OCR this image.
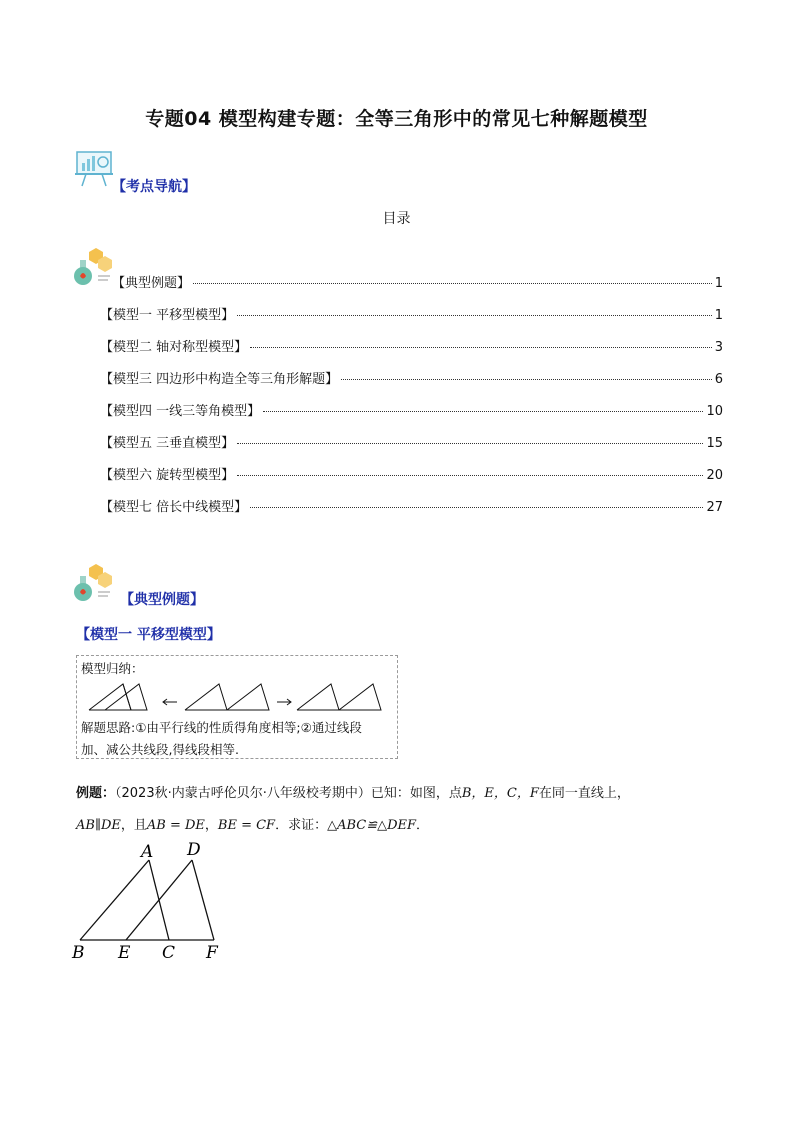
专题04 模型构建专题：全等三角形中的常见七种解题模型
【考点导航】
目录
【典型例题】	1
【模型一 平移型模型】	1
【模型二 轴对称型模型】	3
【模型三 四边形中构造全等三角形解题】	6
【模型四 一线三等角模型】	10
【模型五 三垂直模型】	15
【模型六 旋转型模型】	20
【模型七 倍长中线模型】	27
【典型例题】
【模型一 平移型模型】
模型归纳：
解题思路:①由平行线的性质得角度相等;②通过线段
加、减公共线段,得线段相等.
例题：（2023秋·内蒙古呼伦贝尔·八年级校考期中）已知：如图，点B，E，C，F在同一直线上，
AB∥DE，且AB = DE，BE = CF．求证：△ABC≌△DEF．
A D
B E C F
